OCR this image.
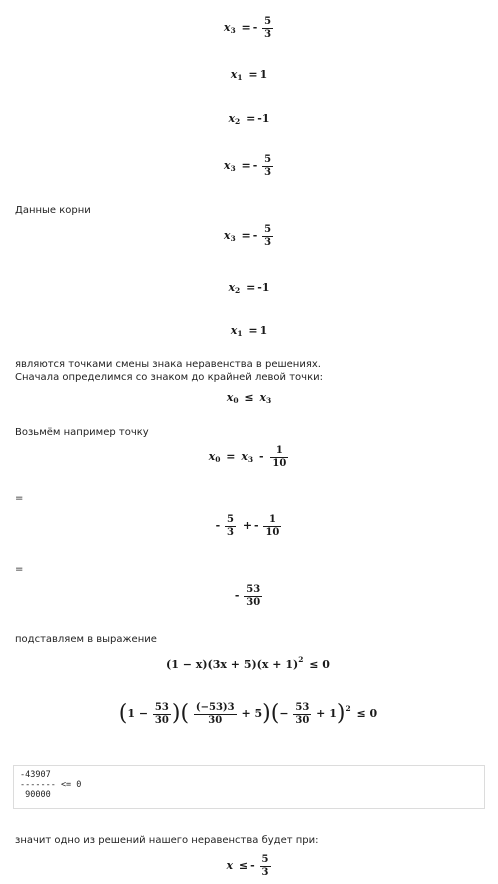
$x_3$ = - $\frac{5}{3}$
$x_1 = 1$
$x_2 = -1$
$x_3$ = - $\frac{5}{3}$
Данные корни
$x_3$ = - $\frac{5}{3}$
$x_2 = -1$
$x_1 = 1$
являются точками смены знака неравенства в решениях.
Сначала определимся со знаком до крайней левой точки:
$x_0 \le x_3$
Возьмём например точку
$x_0 = x_3 - \frac{1}{10}$
=
- $\frac{5}{3}$ + - $\frac{1}{10}$
=
- $\frac{53}{30}$
подставляем в выражение
$(1 - x)(3x + 5)(x + 1)^2 \le 0$
($1 - \frac{53}{30}$ )( $\frac{(-53)3}{30} + 5)(- \frac{53}{30} + 1)^2 \le 0$
-43907
------- <= 0
90000
значит одно из решений нашего неравенства будет при:
x ≤ - $\frac{5}{3}$
